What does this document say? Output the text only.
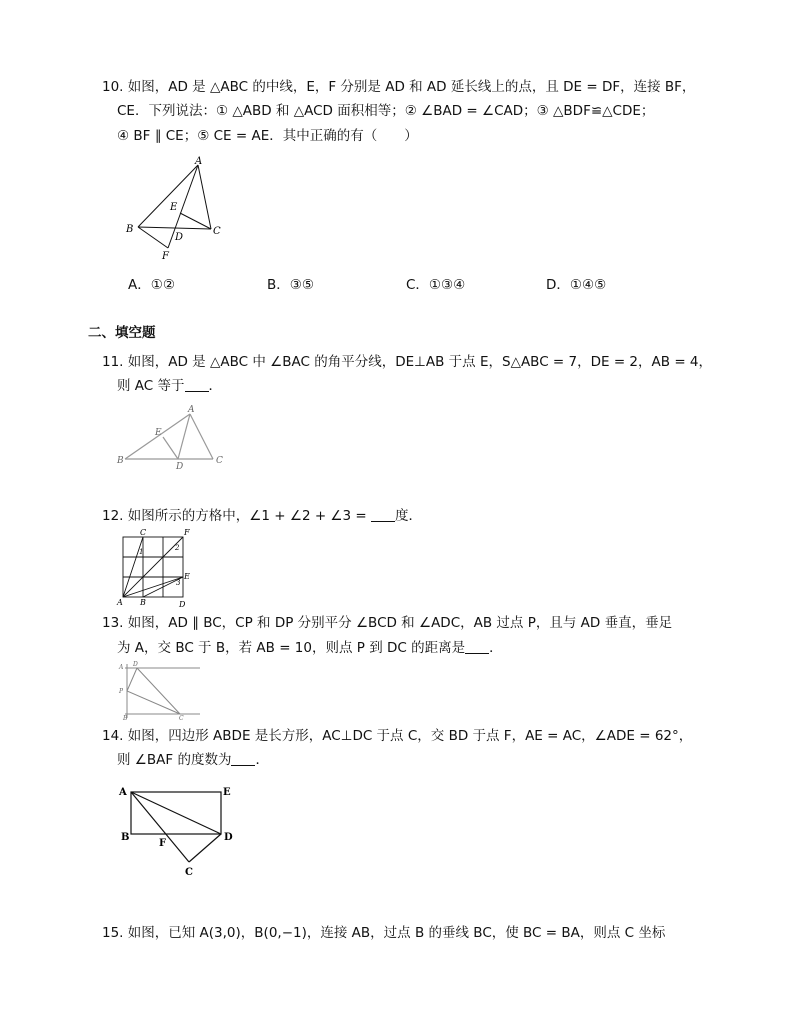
10. 如图，AD 是 △ABC 的中线，E，F 分别是 AD 和 AD 延长线上的点，且 DE = DF，连接 BF，
CE．下列说法：① △ABD 和 △ACD 面积相等；② ∠BAD = ∠CAD；③ △BDF≌△CDE；
④ BF ∥ CE；⑤ CE = AE．其中正确的有（　　）
A
B	C
D
E
F
A．①②	B．③⑤	C．①③④	D．①④⑤
二、填空题
11. 如图，AD 是 △ABC 中 ∠BAC 的角平分线，DE⊥AB 于点 E，S△ABC = 7，DE = 2，AB = 4，
则 AC 等于 ．
A
B	C
D
E
12. 如图所示的方格中，∠1 + ∠2 + ∠3 = 度．
C	F
E
A B	D
1	2
3
13. 如图，AD ∥ BC，CP 和 DP 分别平分 ∠BCD 和 ∠ADC，AB 过点 P，且与 AD 垂直，垂足
为 A，交 BC 于 B，若 AB = 10，则点 P 到 DC 的距离是 ．
A D
P
B	C
14. 如图，四边形 ABDE 是长方形，AC⊥DC 于点 C，交 BD 于点 F，AE = AC，∠ADE = 62°，
则 ∠BAF 的度数为 ．
A	E
B	D
F
C
15. 如图，已知 A(3,0)，B(0,−1)，连接 AB，过点 B 的垂线 BC，使 BC = BA，则点 C 坐标
